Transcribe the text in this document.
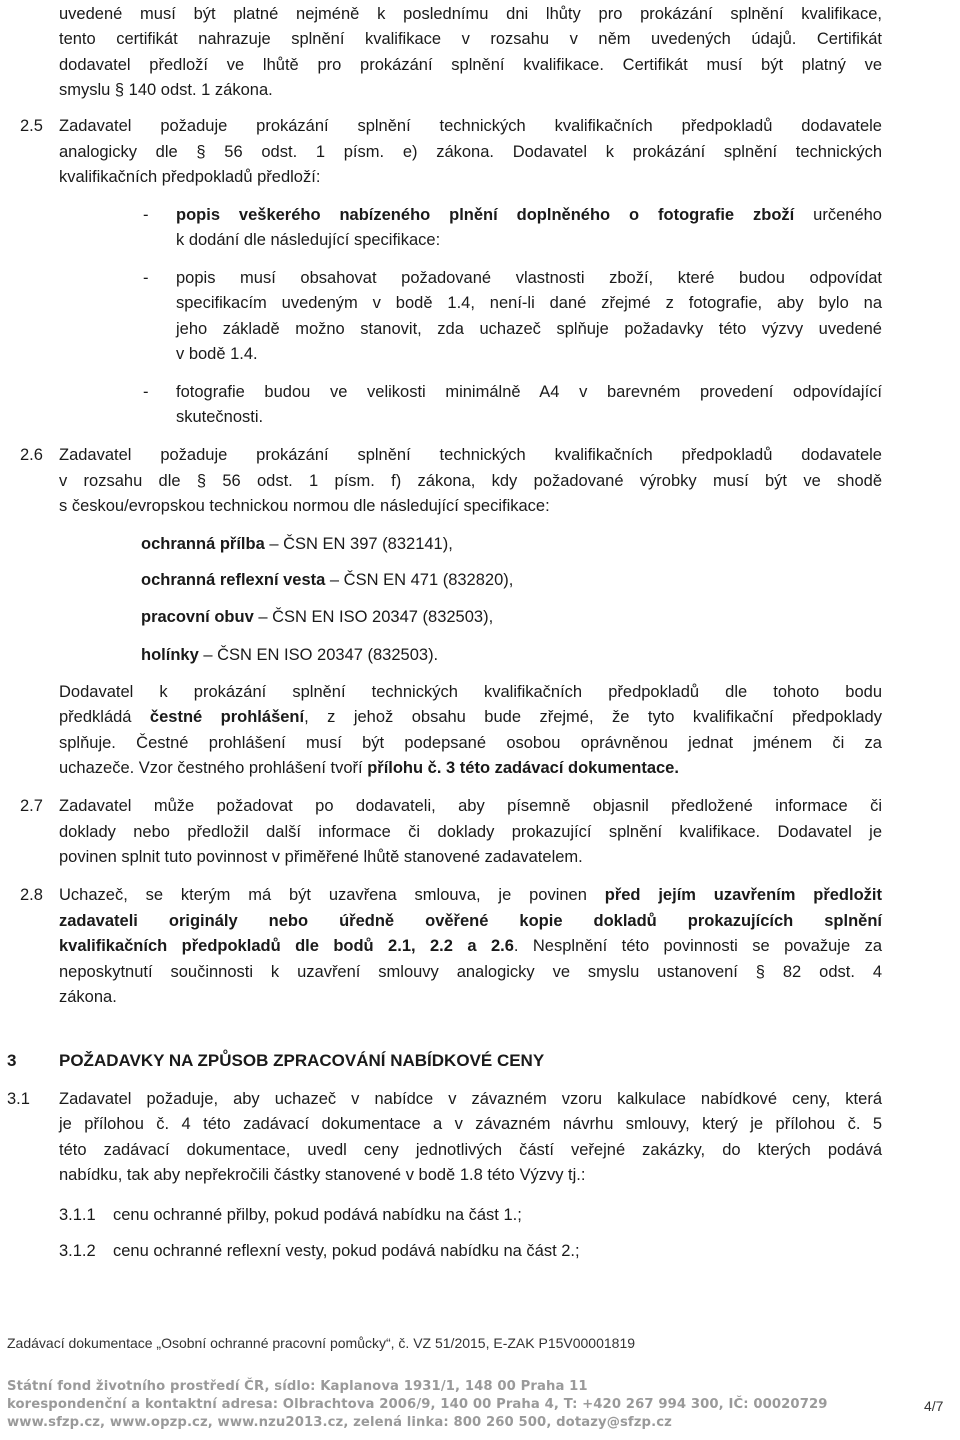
uvedené musí být platné nejméně k poslednímu dni lhůty pro prokázání splnění kvalifikace,
tento certifikát nahrazuje splnění kvalifikace v rozsahu v něm uvedených údajů. Certifikát
dodavatel předloží ve lhůtě pro prokázání splnění kvalifikace. Certifikát musí být platný ve
smyslu § 140 odst. 1 zákona.
2.5 Zadavatel požaduje prokázání splnění technických kvalifikačních předpokladů dodavatele
analogicky dle § 56 odst. 1 písm. e) zákona. Dodavatel k prokázání splnění technických
kvalifikačních předpokladů předloží:
- popis veškerého nabízeného plnění doplněného o fotografie zboží určeného
k dodání dle následující specifikace:
- popis musí obsahovat požadované vlastnosti zboží, které budou odpovídat
specifikacím uvedeným v bodě 1.4, není-li dané zřejmé z fotografie, aby bylo na
jeho základě možno stanovit, zda uchazeč splňuje požadavky této výzvy uvedené
v bodě 1.4.
- fotografie budou ve velikosti minimálně A4 v barevném provedení odpovídající
skutečnosti.
2.6 Zadavatel požaduje prokázání splnění technických kvalifikačních předpokladů dodavatele
v rozsahu dle § 56 odst. 1 písm. f) zákona, kdy požadované výrobky musí být ve shodě
s českou/evropskou technickou normou dle následující specifikace:
ochranná přílba – ČSN EN 397 (832141),
ochranná reflexní vesta – ČSN EN 471 (832820),
pracovní obuv – ČSN EN ISO 20347 (832503),
holínky – ČSN EN ISO 20347 (832503).
Dodavatel k prokázání splnění technických kvalifikačních předpokladů dle tohoto bodu
předkládá čestné prohlášení, z jehož obsahu bude zřejmé, že tyto kvalifikační předpoklady
splňuje. Čestné prohlášení musí být podepsané osobou oprávněnou jednat jménem či za
uchazeče. Vzor čestného prohlášení tvoří přílohu č. 3 této zadávací dokumentace.
2.7 Zadavatel může požadovat po dodavateli, aby písemně objasnil předložené informace či
doklady nebo předložil další informace či doklady prokazující splnění kvalifikace. Dodavatel je
povinen splnit tuto povinnost v přiměřené lhůtě stanovené zadavatelem.
2.8 Uchazeč, se kterým má být uzavřena smlouva, je povinen před jejím uzavřením předložit
zadavateli originály nebo úředně ověřené kopie dokladů prokazujících splnění
kvalifikačních předpokladů dle bodů 2.1, 2.2 a 2.6. Nesplnění této povinnosti se považuje za
neposkytnutí součinnosti k uzavření smlouvy analogicky ve smyslu ustanovení § 82 odst. 4
zákona.
3	POŽADAVKY NA ZPŮSOB ZPRACOVÁNÍ NABÍDKOVÉ CENY
3.1 Zadavatel požaduje, aby uchazeč v nabídce v závazném vzoru kalkulace nabídkové ceny, která
je přílohou č. 4 této zadávací dokumentace a v závazném návrhu smlouvy, který je přílohou č. 5
této zadávací dokumentace, uvedl ceny jednotlivých částí veřejné zakázky, do kterých podává
nabídku, tak aby nepřekročili částky stanovené v bodě 1.8 této Výzvy tj.:
3.1.1 cenu ochranné přilby, pokud podává nabídku na část 1.;
3.1.2 cenu ochranné reflexní vesty, pokud podává nabídku na část 2.;
Zadávací dokumentace „Osobní ochranné pracovní pomůcky“, č. VZ 51/2015, E-ZAK P15V00001819
Státní fond životního prostředí ČR, sídlo: Kaplanova 1931/1, 148 00 Praha 11
korespondenční a kontaktní adresa: Olbrachtova 2006/9, 140 00 Praha 4, T: +420 267 994 300, IČ: 00020729
www.sfzp.cz, www.opzp.cz, www.nzu2013.cz, zelená linka: 800 260 500, dotazy@sfzp.cz
4/7
